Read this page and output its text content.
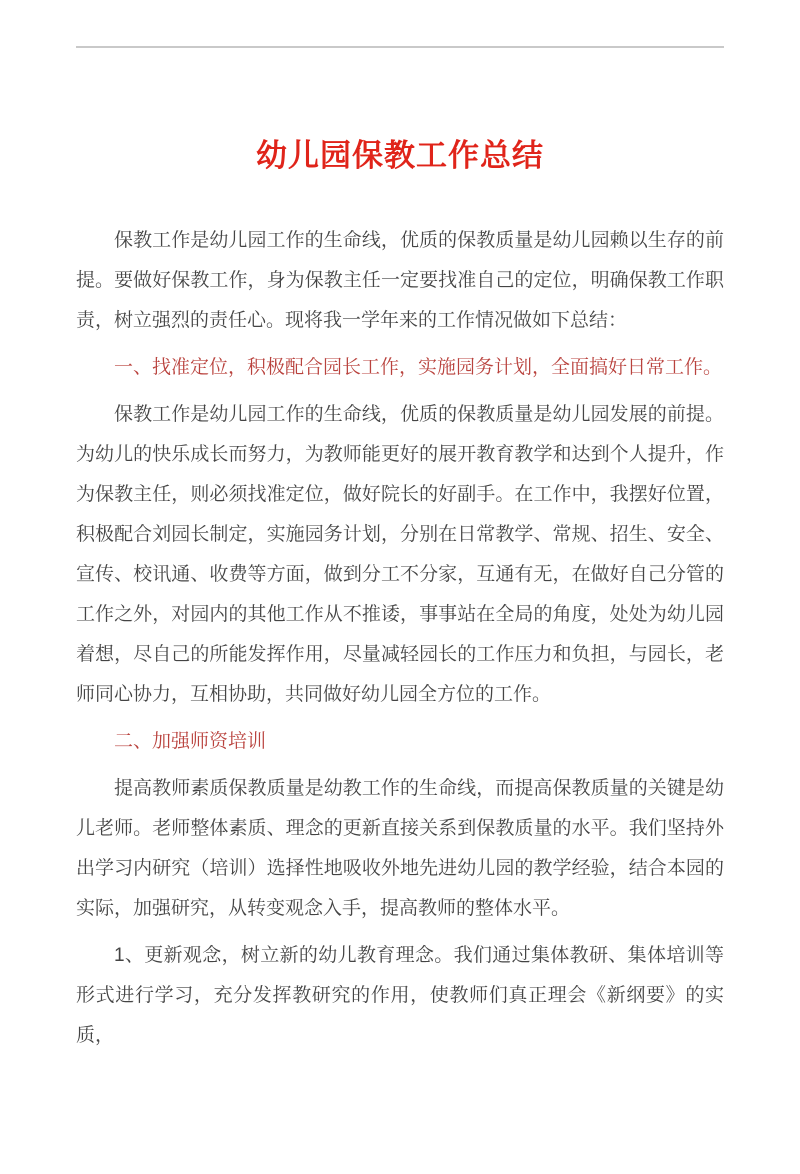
幼儿园保教工作总结

保教工作是幼儿园工作的生命线，优质的保教质量是幼儿园赖以生存的前提。要做好保教工作，身为保教主任一定要找准自己的定位，明确保教工作职责，树立强烈的责任心。现将我一学年来的工作情况做如下总结：

一、找准定位，积极配合园长工作，实施园务计划，全面搞好日常工作。

保教工作是幼儿园工作的生命线，优质的保教质量是幼儿园发展的前提。为幼儿的快乐成长而努力，为教师能更好的展开教育教学和达到个人提升，作为保教主任，则必须找准定位，做好院长的好副手。在工作中，我摆好位置，积极配合刘园长制定，实施园务计划，分别在日常教学、常规、招生、安全、宣传、校讯通、收费等方面，做到分工不分家，互通有无，在做好自己分管的工作之外，对园内的其他工作从不推诿，事事站在全局的角度，处处为幼儿园着想，尽自己的所能发挥作用，尽量减轻园长的工作压力和负担，与园长，老师同心协力，互相协助，共同做好幼儿园全方位的工作。

二、加强师资培训

提高教师素质保教质量是幼教工作的生命线，而提高保教质量的关键是幼儿老师。老师整体素质、理念的更新直接关系到保教质量的水平。我们坚持外出学习内研究（培训）选择性地吸收外地先进幼儿园的教学经验，结合本园的实际，加强研究，从转变观念入手，提高教师的整体水平。

1、更新观念，树立新的幼儿教育理念。我们通过集体教研、集体培训等形式进行学习，充分发挥教研究的作用，使教师们真正理会《新纲要》的实质，
